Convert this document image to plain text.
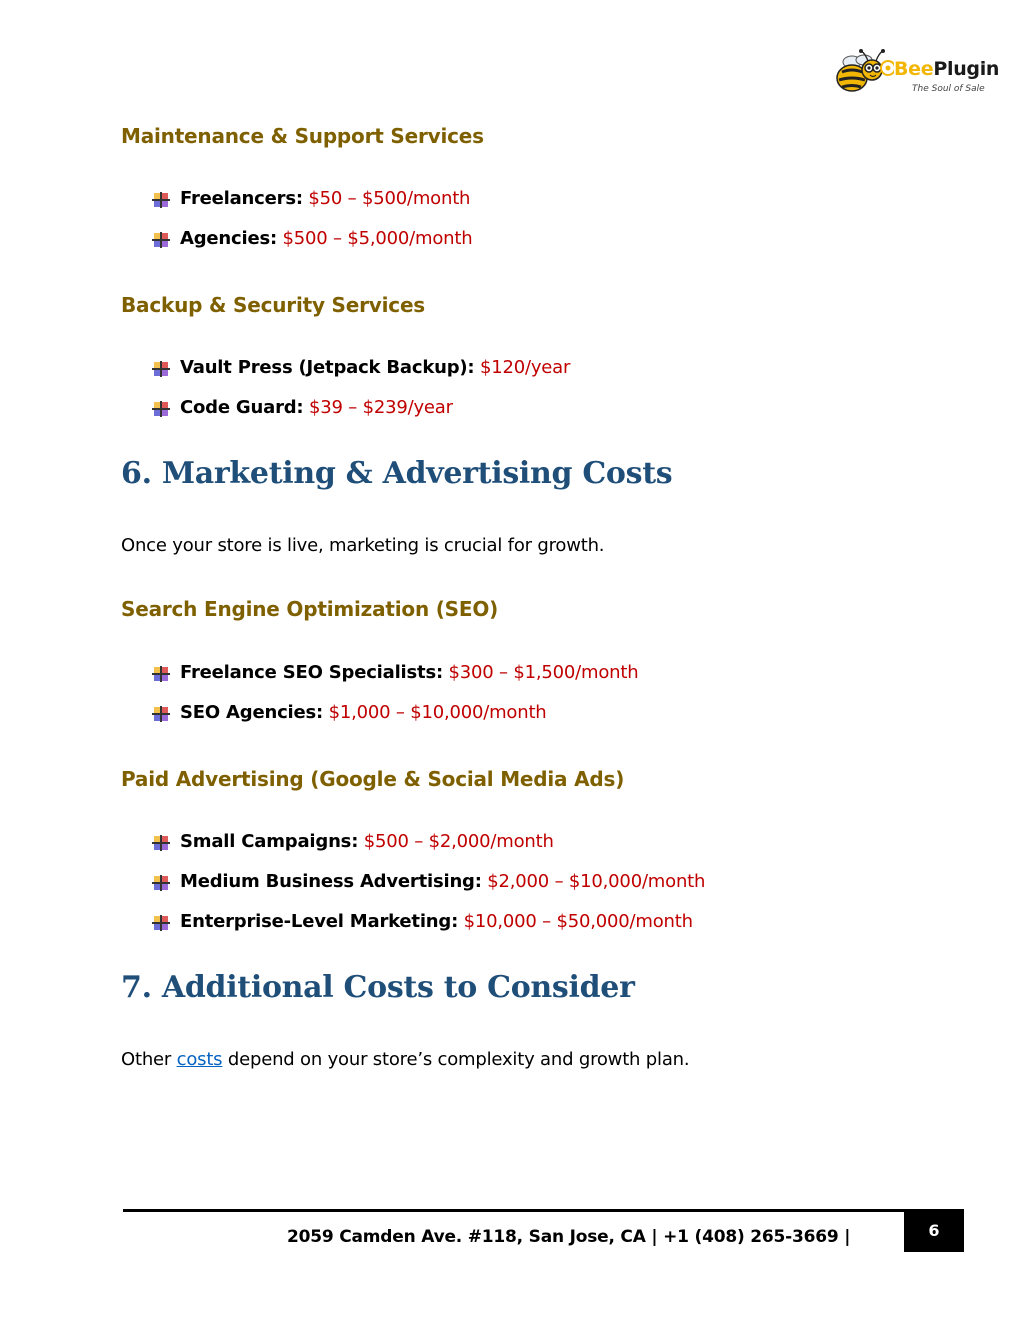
BeePlugin
The Soul of Sale
Maintenance & Support Services
Freelancers: $50 – $500/month
Agencies: $500 – $5,000/month
Backup & Security Services
Vault Press (Jetpack Backup): $120/year
Code Guard: $39 – $239/year
6. Marketing & Advertising Costs

Once your store is live, marketing is crucial for growth.

Search Engine Optimization (SEO)
Freelance SEO Specialists: $300 – $1,500/month
SEO Agencies: $1,000 – $10,000/month
Paid Advertising (Google & Social Media Ads)
Small Campaigns: $500 – $2,000/month
Medium Business Advertising: $2,000 – $10,000/month
Enterprise-Level Marketing: $10,000 – $50,000/month
7. Additional Costs to Consider

Other costs depend on your store’s complexity and growth plan.

2059 Camden Ave. #118, San Jose, CA | +1 (408) 265-3669 |	6
